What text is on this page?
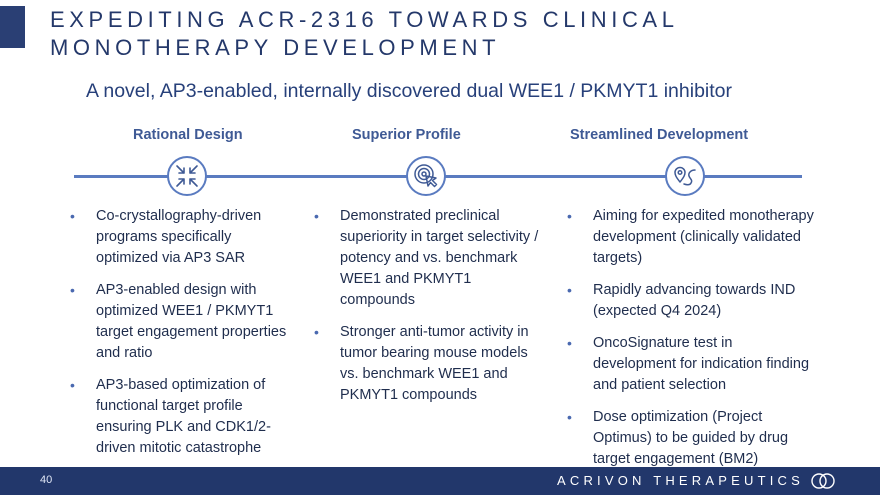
EXPEDITING ACR-2316 TOWARDS CLINICAL
MONOTHERAPY DEVELOPMENT
A novel, AP3-enabled, internally discovered dual WEE1 / PKMYT1 inhibitor
Rational Design	Superior Profile	Streamlined Development
• Co-crystallography-driven programs specifically optimized via AP3 SAR
• AP3-enabled design with optimized WEE1 / PKMYT1 target engagement properties and ratio
• AP3-based optimization of functional target profile ensuring PLK and CDK1/2-driven mitotic catastrophe
• Demonstrated preclinical superiority in target selectivity / potency and vs. benchmark WEE1 and PKMYT1 compounds
• Stronger anti-tumor activity in tumor bearing mouse models vs. benchmark WEE1 and PKMYT1 compounds
• Aiming for expedited monotherapy development (clinically validated targets)
• Rapidly advancing towards IND (expected Q4 2024)
• OncoSignature test in development for indication finding and patient selection
• Dose optimization (Project Optimus) to be guided by drug target engagement (BM2)
40	ACRIVON THERAPEUTICS
